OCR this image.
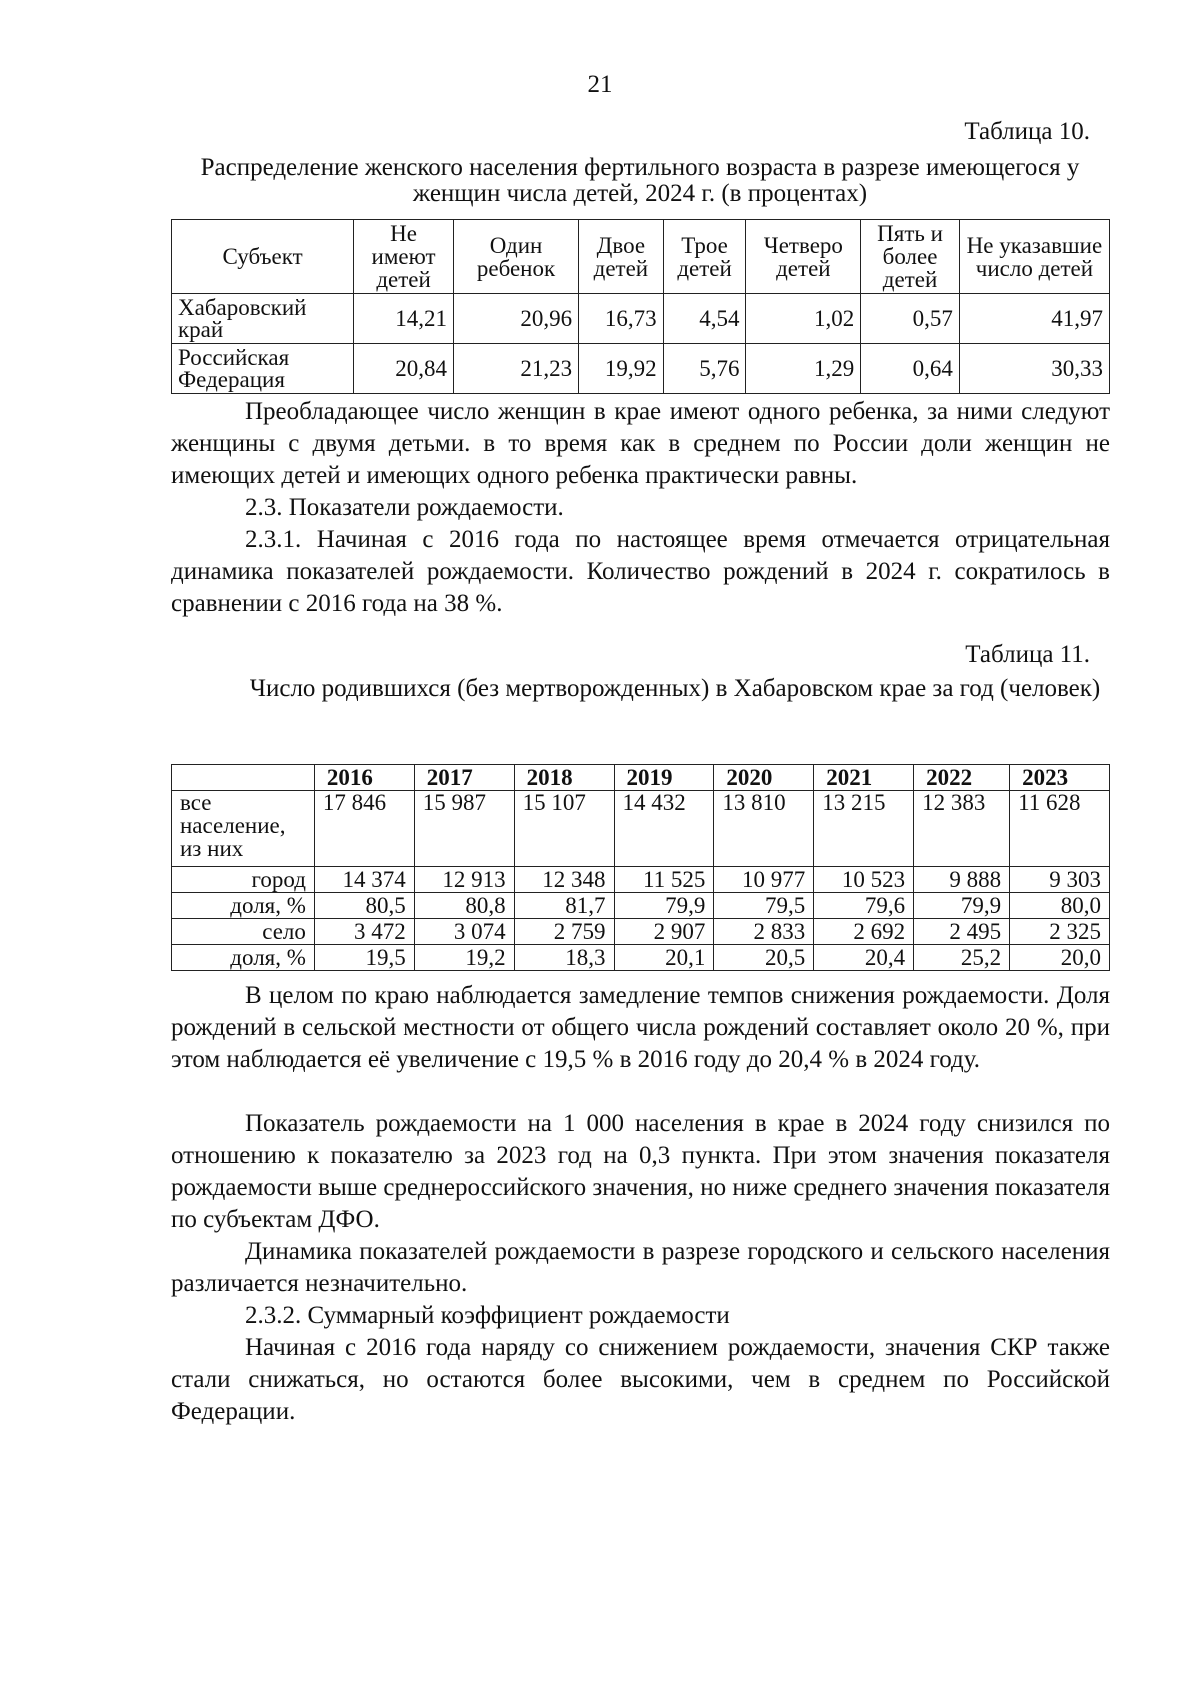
21
Таблица 10.
Распределение женского населения фертильного возраста в разрезе имеющегося у женщин числа детей, 2024 г. (в процентах)
Субъект	Не имеют детей	Один ребенок	Двое детей	Трое детей	Четверо детей	Пять и более детей	Не указавшие число детей
Хабаровский край	14,21	20,96	16,73	4,54	1,02	0,57	41,97
Российская Федерация	20,84	21,23	19,92	5,76	1,29	0,64	30,33

Преобладающее число женщин в крае имеют одного ребенка, за ними следуют женщины с двумя детьми. в то время как в среднем по России доли женщин не имеющих детей и имеющих одного ребенка практически равны.

2.3. Показатели рождаемости.

2.3.1. Начиная с 2016 года по настоящее время отмечается отрицательная динамика показателей рождаемости. Количество рождений в 2024 г. сократилось в сравнении с 2016 года на 38 %.

Таблица 11.
Число родившихся (без мертворожденных) в Хабаровском крае за год (человек)
	2016	2017	2018	2019	2020	2021	2022	2023
все население, из них	17 846	15 987	15 107	14 432	13 810	13 215	12 383	11 628
город	14 374	12 913	12 348	11 525	10 977	10 523	9 888	9 303
доля, %	80,5	80,8	81,7	79,9	79,5	79,6	79,9	80,0
село	3 472	3 074	2 759	2 907	2 833	2 692	2 495	2 325
доля, %	19,5	19,2	18,3	20,1	20,5	20,4	25,2	20,0

В целом по краю наблюдается замедление темпов снижения рождаемости. Доля рождений в сельской местности от общего числа рождений составляет около 20 %, при этом наблюдается её увеличение с 19,5 % в 2016 году до 20,4 % в 2024 году.

Показатель рождаемости на 1 000 населения в крае в 2024 году снизился по отношению к показателю за 2023 год на 0,3 пункта. При этом значения показателя рождаемости выше среднероссийского значения, но ниже среднего значения показателя по субъектам ДФО.

Динамика показателей рождаемости в разрезе городского и сельского населения различается незначительно.

2.3.2. Суммарный коэффициент рождаемости

Начиная с 2016 года наряду со снижением рождаемости, значения СКР также стали снижаться, но остаются более высокими, чем в среднем по Российской Федерации.
